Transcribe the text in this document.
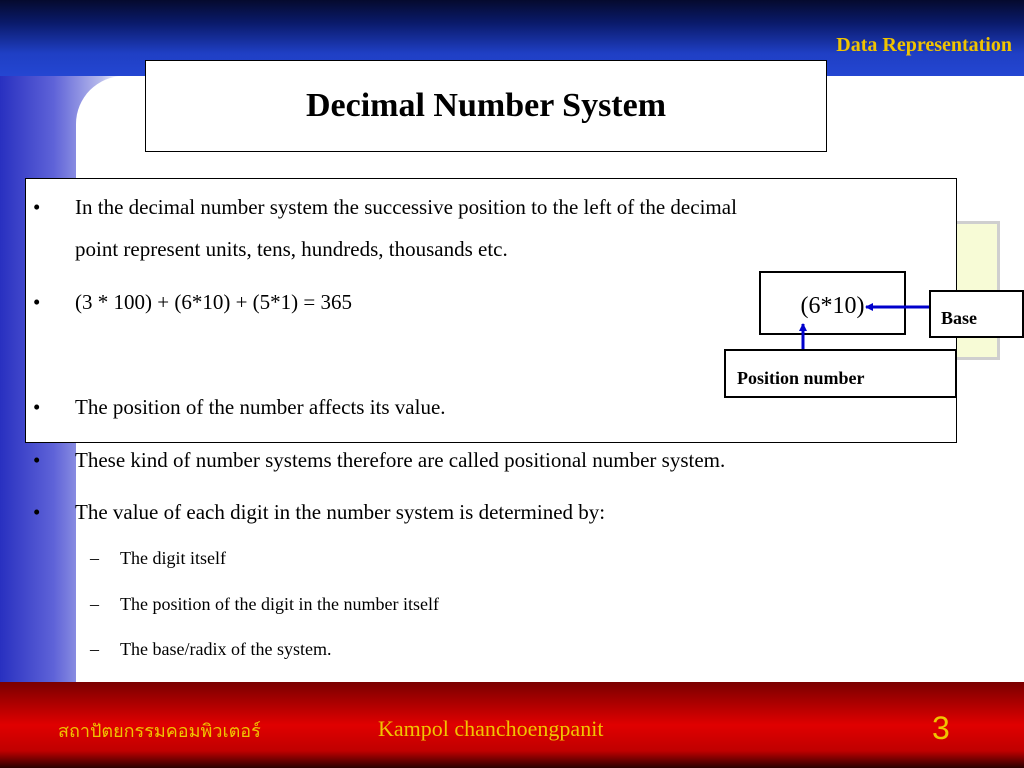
Data Representation
Decimal Number System
• In the decimal number system the successive position to the left of the decimal
point represent units, tens, hundreds, thousands etc.
• (3 * 100) + (6*10) + (5*1) = 365
• The position of the number affects its value.
• These kind of number systems therefore are called positional number system.
• The value of each digit in the number system is determined by:
– The digit itself
– The position of the digit in the number itself
– The base/radix of the system.
(6*10)	Base
Position number
สถาปัตยกรรมคอมพิวเตอร์	Kampol chanchoengpanit	3
